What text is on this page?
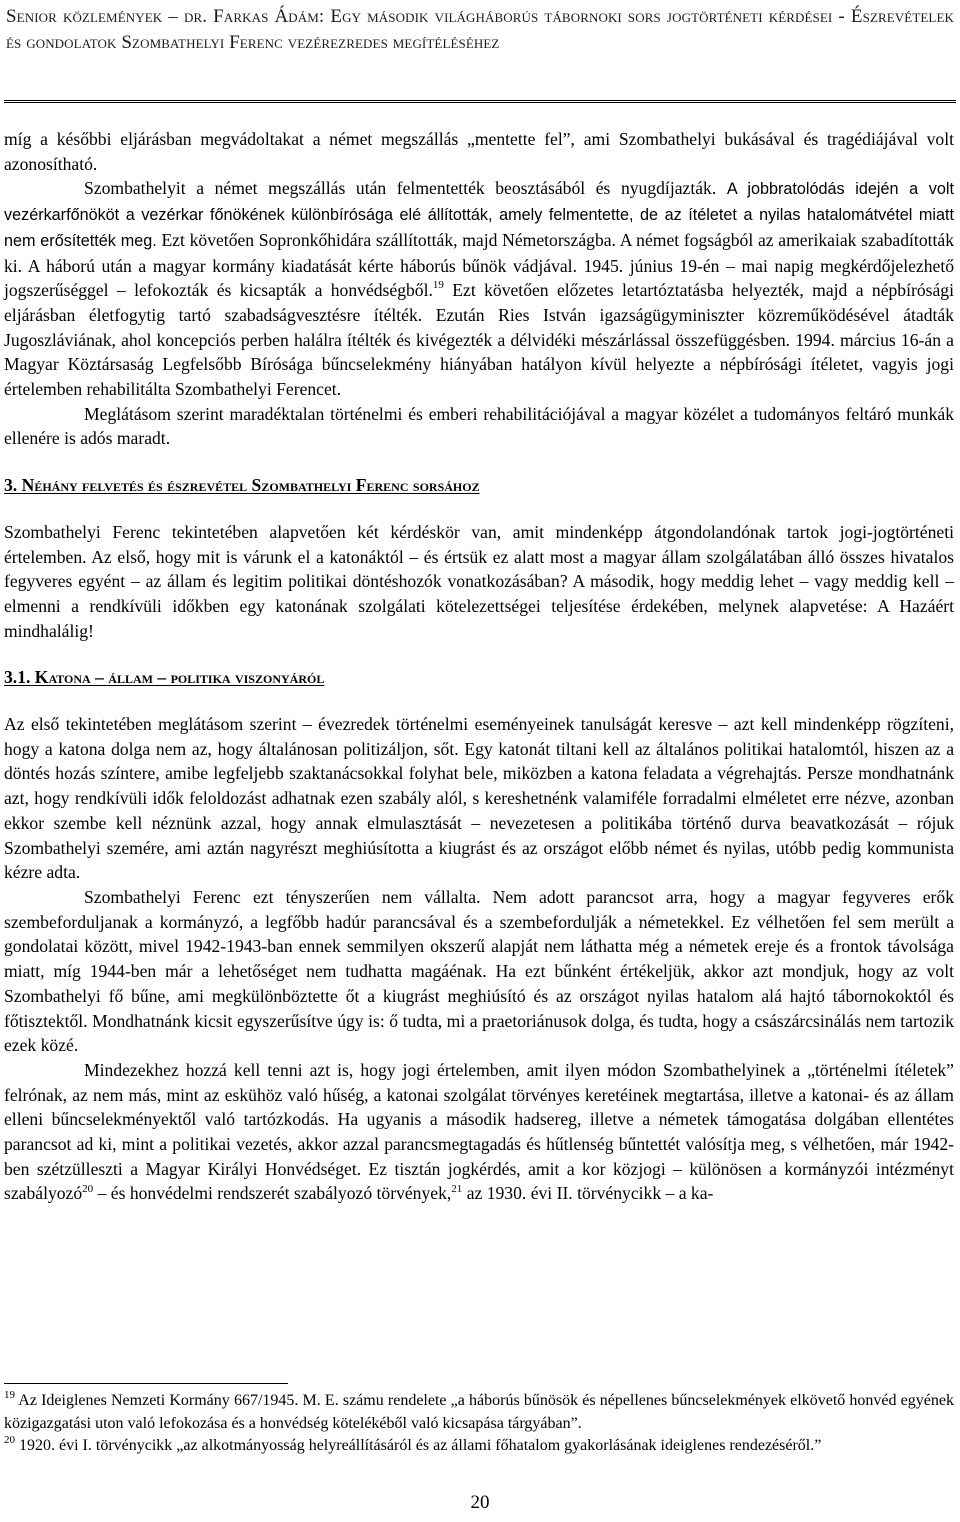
Senior közlemények – dr. Farkas Ádám: Egy második világháborús tábornoki sors jogtörténeti kérdései - Észrevételek és gondolatok Szombathelyi Ferenc vezérezredes megítéléséhez

míg a későbbi eljárásban megvádoltakat a német megszállás „mentette fel”, ami Szombathelyi bukásával és tragédiájával volt azonosítható.

Szombathelyit a német megszállás után felmentették beosztásából és nyugdíjazták. A jobbratolódás idején a volt vezérkarfőnököt a vezérkar főnökének különbírósága elé állították, amely felmentette, de az ítéletet a nyilas hatalomátvétel miatt nem erősítették meg. Ezt követően Sopronkőhidára szállították, majd Németországba. A német fogságból az amerikaiak szabadították ki. A háború után a magyar kormány kiadatását kérte háborús bűnök vádjával. 1945. június 19-én – mai napig megkérdőjelezhető jogszerűséggel – lefokozták és kicsapták a honvédségből.$^{19}$ Ezt követően előzetes letartóztatásba helyezték, majd a népbírósági eljárásban életfogytig tartó szabadságvesztésre ítélték. Ezután Ries István igazságügyminiszter közreműködésével átadták Jugoszláviának, ahol koncepciós perben halálra ítélték és kivégezték a délvidéki mészárlással összefüggésben. 1994. március 16-án a Magyar Köztársaság Legfelsőbb Bírósága bűncselekmény hiányában hatályon kívül helyezte a népbírósági ítéletet, vagyis jogi értelemben rehabilitálta Szombathelyi Ferencet.

Meglátásom szerint maradéktalan történelmi és emberi rehabilitációjával a magyar közélet a tudományos feltáró munkák ellenére is adós maradt.

3. Néhány felvetés és észrevétel Szombathelyi Ferenc sorsához

Szombathelyi Ferenc tekintetében alapvetően két kérdéskör van, amit mindenképp átgondolandónak tartok jogi-jogtörténeti értelemben. Az első, hogy mit is várunk el a katonáktól – és értsük ez alatt most a magyar állam szolgálatában álló összes hivatalos fegyveres egyént – az állam és legitim politikai döntéshozók vonatkozásában? A második, hogy meddig lehet – vagy meddig kell – elmenni a rendkívüli időkben egy katonának szolgálati kötelezettségei teljesítése érdekében, melynek alapvetése: A Hazáért mindhalálig!

3.1. Katona – állam – politika viszonyáról

Az első tekintetében meglátásom szerint – évezredek történelmi eseményeinek tanulságát keresve – azt kell mindenképp rögzíteni, hogy a katona dolga nem az, hogy általánosan politizáljon, sőt. Egy katonát tiltani kell az általános politikai hatalomtól, hiszen az a döntés hozás színtere, amibe legfeljebb szaktanácsokkal folyhat bele, miközben a katona feladata a végrehajtás. Persze mondhatnánk azt, hogy rendkívüli idők feloldozást adhatnak ezen szabály alól, s kereshetnénk valamiféle forradalmi elméletet erre nézve, azonban ekkor szembe kell néznünk azzal, hogy annak elmulasztását – nevezetesen a politikába történő durva beavatkozását – rójuk Szombathelyi szemére, ami aztán nagyrészt meghiúsította a kiugrást és az országot előbb német és nyilas, utóbb pedig kommunista kézre adta.

Szombathelyi Ferenc ezt tényszerűen nem vállalta. Nem adott parancsot arra, hogy a magyar fegyveres erők szembeforduljanak a kormányzó, a legfőbb hadúr parancsával és a szembefordulják a németekkel. Ez vélhetően fel sem merült a gondolatai között, mivel 1942-1943-ban ennek semmilyen okszerű alapját nem láthatta még a németek ereje és a frontok távolsága miatt, míg 1944-ben már a lehetőséget nem tudhatta magáénak. Ha ezt bűnként értékeljük, akkor azt mondjuk, hogy az volt Szombathelyi fő bűne, ami megkülönböztette őt a kiugrást meghiúsító és az országot nyilas hatalom alá hajtó tábornokoktól és főtisztektől. Mondhatnánk kicsit egyszerűsítve úgy is: ő tudta, mi a praetoriánusok dolga, és tudta, hogy a császárcsinálás nem tartozik ezek közé.

Mindezekhez hozzá kell tenni azt is, hogy jogi értelemben, amit ilyen módon Szombathelyinek a „történelmi ítéletek” felrónak, az nem más, mint az eskühöz való hűség, a katonai szolgálat törvényes keretéinek megtartása, illetve a katonai- és az állam elleni bűncselekményektől való tartózkodás. Ha ugyanis a második hadsereg, illetve a németek támogatása dolgában ellentétes parancsot ad ki, mint a politikai vezetés, akkor azzal parancsmegtagadás és hűtlenség bűntettét valósítja meg, s vélhetően, már 1942-ben szétzülleszti a Magyar Királyi Honvédséget. Ez tisztán jogkérdés, amit a kor közjogi – különösen a kormányzói intézményt szabályozó$^{20}$ – és honvédelmi rendszerét szabályozó törvények,$^{21}$ az 1930. évi II. törvénycikk – a ka-

$^{19}$ Az Ideiglenes Nemzeti Kormány 667/1945. M. E. számu rendelete „a háborús bűnösök és népellenes bűncselekmények elkövető honvéd egyének közigazgatási uton való lefokozása és a honvédség kötelékéből való kicsapása tárgyában”.

$^{20}$ 1920. évi I. törvénycikk „az alkotmányosság helyreállításáról és az állami főhatalom gyakorlásának ideiglenes rendezéséről.”

20
